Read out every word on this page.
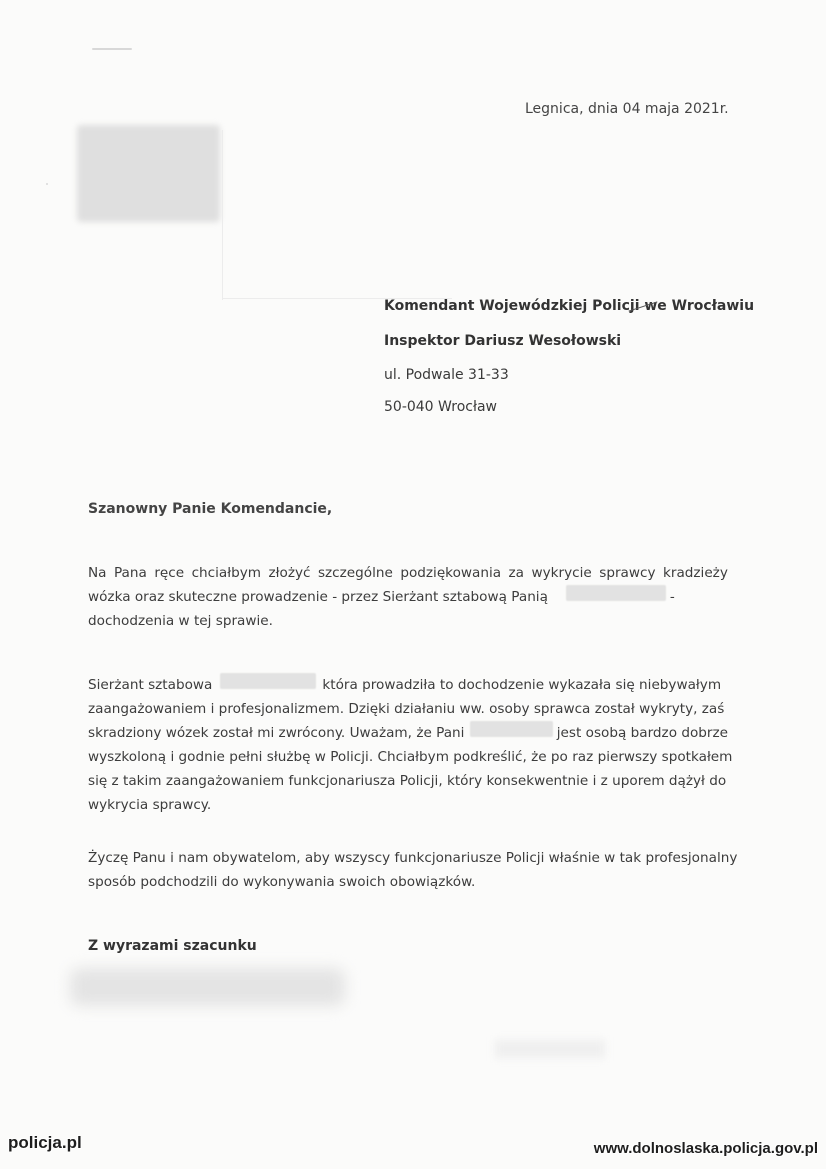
Legnica, dnia 04 maja 2021r.
Komendant Wojewódzkiej Policji we Wrocławiu
Inspektor Dariusz Wesołowski
ul. Podwale 31-33
50-040 Wrocław
Szanowny Panie Komendancie,
Na Pana ręce chciałbym złożyć szczególne podziękowania za wykrycie sprawcy kradzieży
wózka oraz skuteczne prowadzenie - przez Sierżant sztabową Panią	-
dochodzenia w tej sprawie.
Sierżant sztabowa	która prowadziła to dochodzenie wykazała się niebywałym
zaangażowaniem i profesjonalizmem. Dzięki działaniu ww. osoby sprawca został wykryty, zaś
skradziony wózek został mi zwrócony. Uważam, że Pani	jest osobą bardzo dobrze
wyszkoloną i godnie pełni służbę w Policji. Chciałbym podkreślić, że po raz pierwszy spotkałem
się z takim zaangażowaniem funkcjonariusza Policji, który konsekwentnie i z uporem dążył do
wykrycia sprawcy.
Życzę Panu i nam obywatelom, aby wszyscy funkcjonariusze Policji właśnie w tak profesjonalny
sposób podchodzili do wykonywania swoich obowiązków.
Z wyrazami szacunku
policja.pl	www.dolnoslaska.policja.gov.pl
